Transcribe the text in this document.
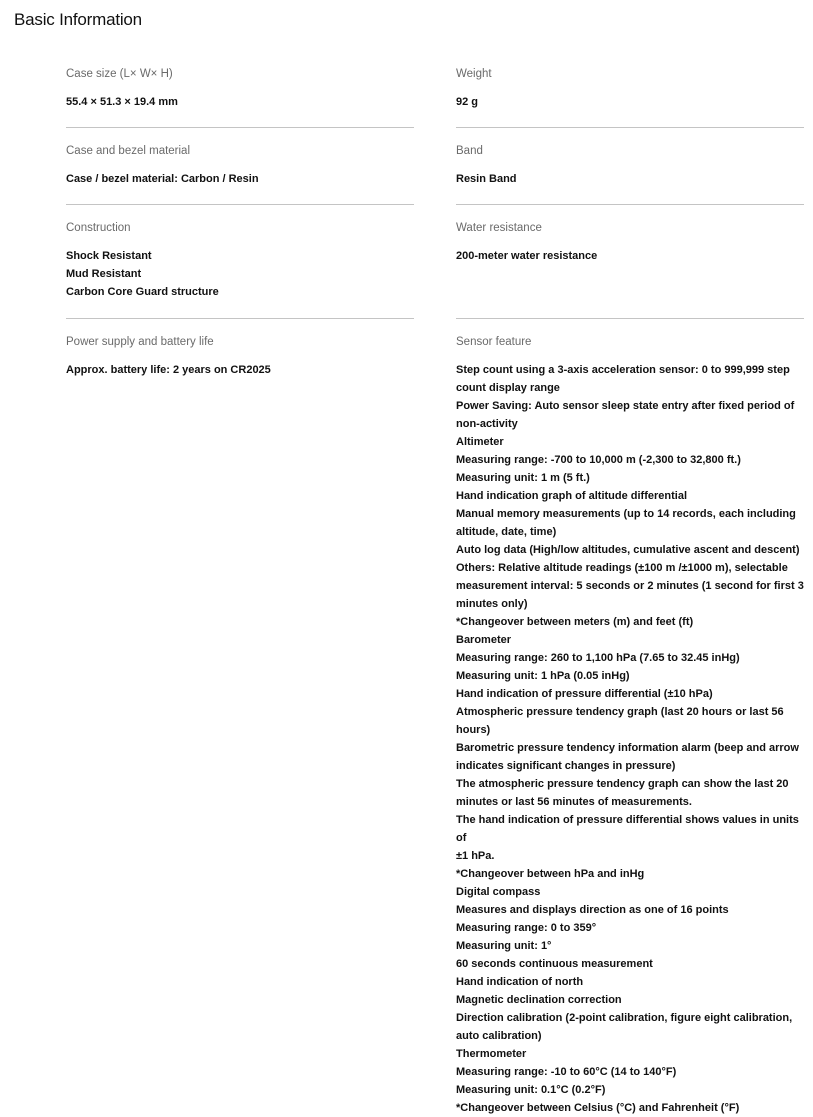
Basic Information
Case size (L× W× H)
55.4 × 51.3 × 19.4 mm
Weight
92 g
Case and bezel material
Case / bezel material: Carbon / Resin
Band
Resin Band
Construction
Shock Resistant
Mud Resistant
Carbon Core Guard structure
Water resistance
200-meter water resistance
Power supply and battery life
Approx. battery life: 2 years on CR2025
Sensor feature
Step count using a 3-axis acceleration sensor: 0 to 999,999 step
count display range
Power Saving: Auto sensor sleep state entry after fixed period of
non-activity
Altimeter
Measuring range: -700 to 10,000 m (-2,300 to 32,800 ft.)
Measuring unit: 1 m (5 ft.)
Hand indication graph of altitude differential
Manual memory measurements (up to 14 records, each including
altitude, date, time)
Auto log data (High/low altitudes, cumulative ascent and descent)
Others: Relative altitude readings (±100 m /±1000 m), selectable
measurement interval: 5 seconds or 2 minutes (1 second for first 3
minutes only)
*Changeover between meters (m) and feet (ft)
Barometer
Measuring range: 260 to 1,100 hPa (7.65 to 32.45 inHg)
Measuring unit: 1 hPa (0.05 inHg)
Hand indication of pressure differential (±10 hPa)
Atmospheric pressure tendency graph (last 20 hours or last 56
hours)
Barometric pressure tendency information alarm (beep and arrow
indicates significant changes in pressure)
The atmospheric pressure tendency graph can show the last 20
minutes or last 56 minutes of measurements.
The hand indication of pressure differential shows values in units of
±1 hPa.
*Changeover between hPa and inHg
Digital compass
Measures and displays direction as one of 16 points
Measuring range: 0 to 359°
Measuring unit: 1°
60 seconds continuous measurement
Hand indication of north
Magnetic declination correction
Direction calibration (2-point calibration, figure eight calibration,
auto calibration)
Thermometer
Measuring range: -10 to 60°C (14 to 140°F)
Measuring unit: 0.1°C (0.2°F)
*Changeover between Celsius (°C) and Fahrenheit (°F)
